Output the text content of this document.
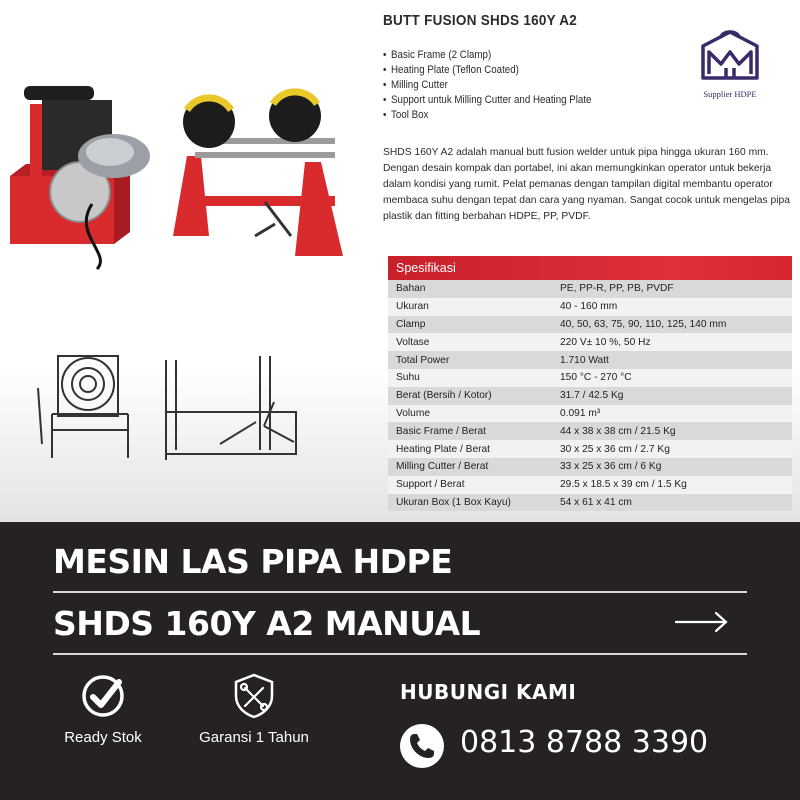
BUTT FUSION SHDS 160Y A2
• Basic Frame (2 Clamp)
• Heating Plate (Teflon Coated)
• Milling Cutter
• Support untuk Milling Cutter and Heating Plate
• Tool Box
Supplier HDPE
SHDS 160Y A2 adalah manual butt fusion welder untuk pipa hingga ukuran 160 mm. Dengan desain kompak dan portabel, ini akan memungkinkan operator untuk bekerja dalam kondisi yang rumit. Pelat pemanas dengan tampilan digital membantu operator membaca suhu dengan tepat dan cara yang nyaman. Sangat cocok untuk mengelas pipa plastik dan fitting berbahan HDPE, PP, PVDF.
Spesifikasi
Bahan	PE, PP-R, PP, PB, PVDF
Ukuran	40 - 160 mm
Clamp	40, 50, 63, 75, 90, 110, 125, 140 mm
Voltase	220 V± 10 %, 50 Hz
Total Power	1.710 Watt
Suhu	150 °C - 270 °C
Berat (Bersih / Kotor)	31.7 / 42.5 Kg
Volume	0.091 m³
Basic Frame / Berat	44 x 38 x 38 cm / 21.5 Kg
Heating Plate / Berat	30 x 25 x 36 cm / 2.7 Kg
Milling Cutter / Berat	33 x 25 x 36 cm / 6 Kg
Support / Berat	29.5 x 18.5 x 39 cm / 1.5 Kg
Ukuran Box (1 Box Kayu)	54 x 61 x 41 cm
MESIN LAS PIPA HDPE
SHDS 160Y A2 MANUAL
Ready Stok	Garansi 1 Tahun
HUBUNGI KAMI
0813 8788 3390
